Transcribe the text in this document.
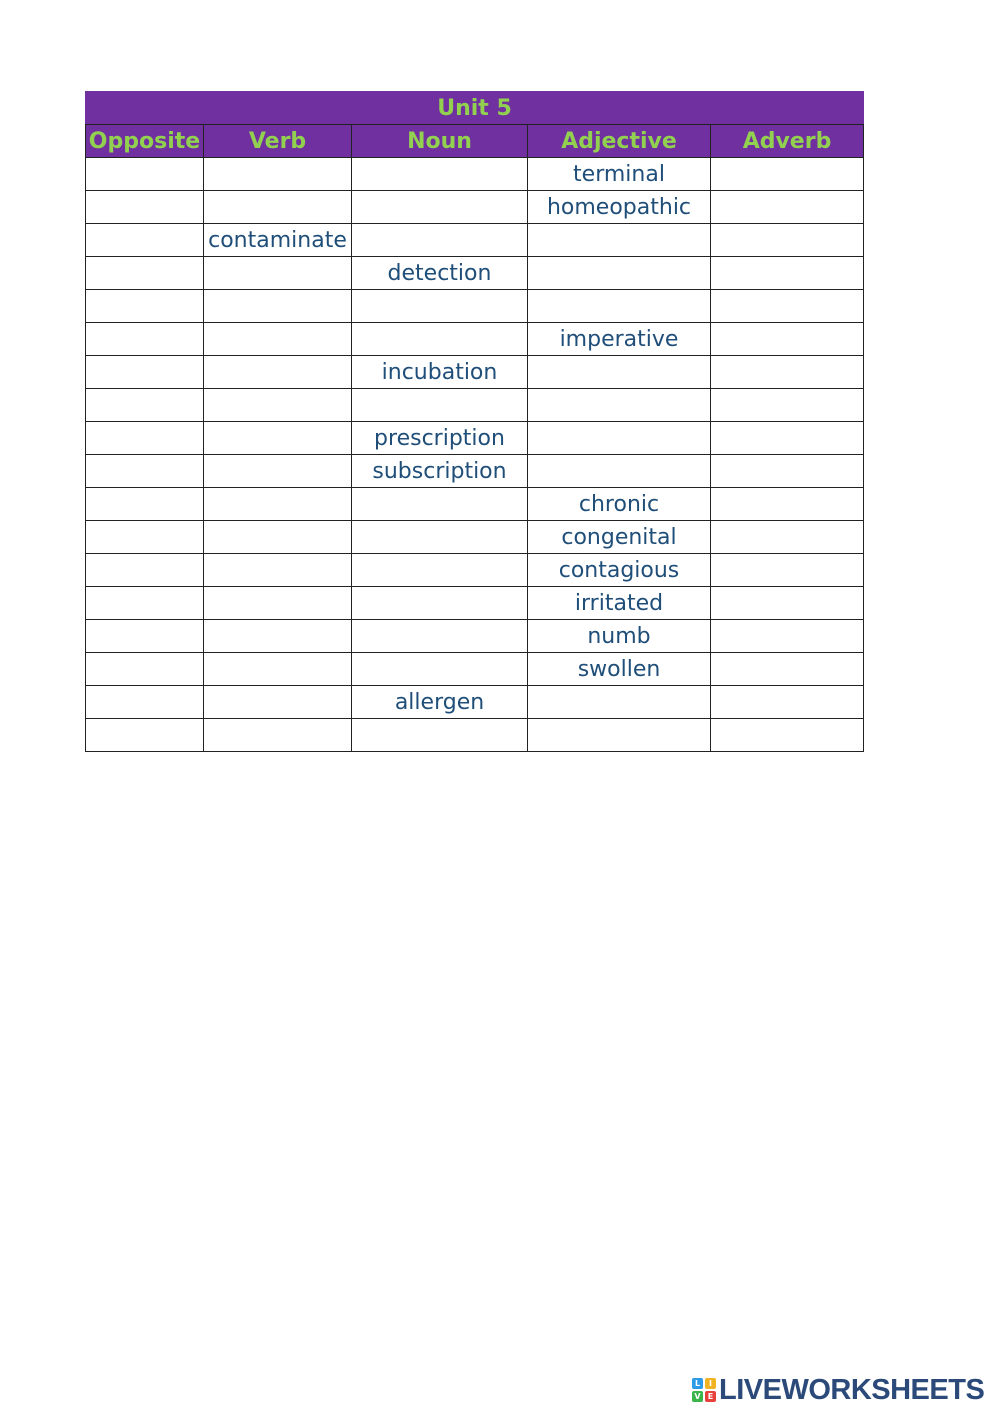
Unit 5				
Opposite	Verb	Noun	Adjective	Adverb
			terminal	
			homeopathic	
	contaminate			
		detection		

			imperative	
		incubation		

		prescription		
		subscription		
			chronic	
			congenital	
			contagious	
			irritated	
			numb	
			swollen	
		allergen		

L	I
V E LIVEWORKSHEETS
